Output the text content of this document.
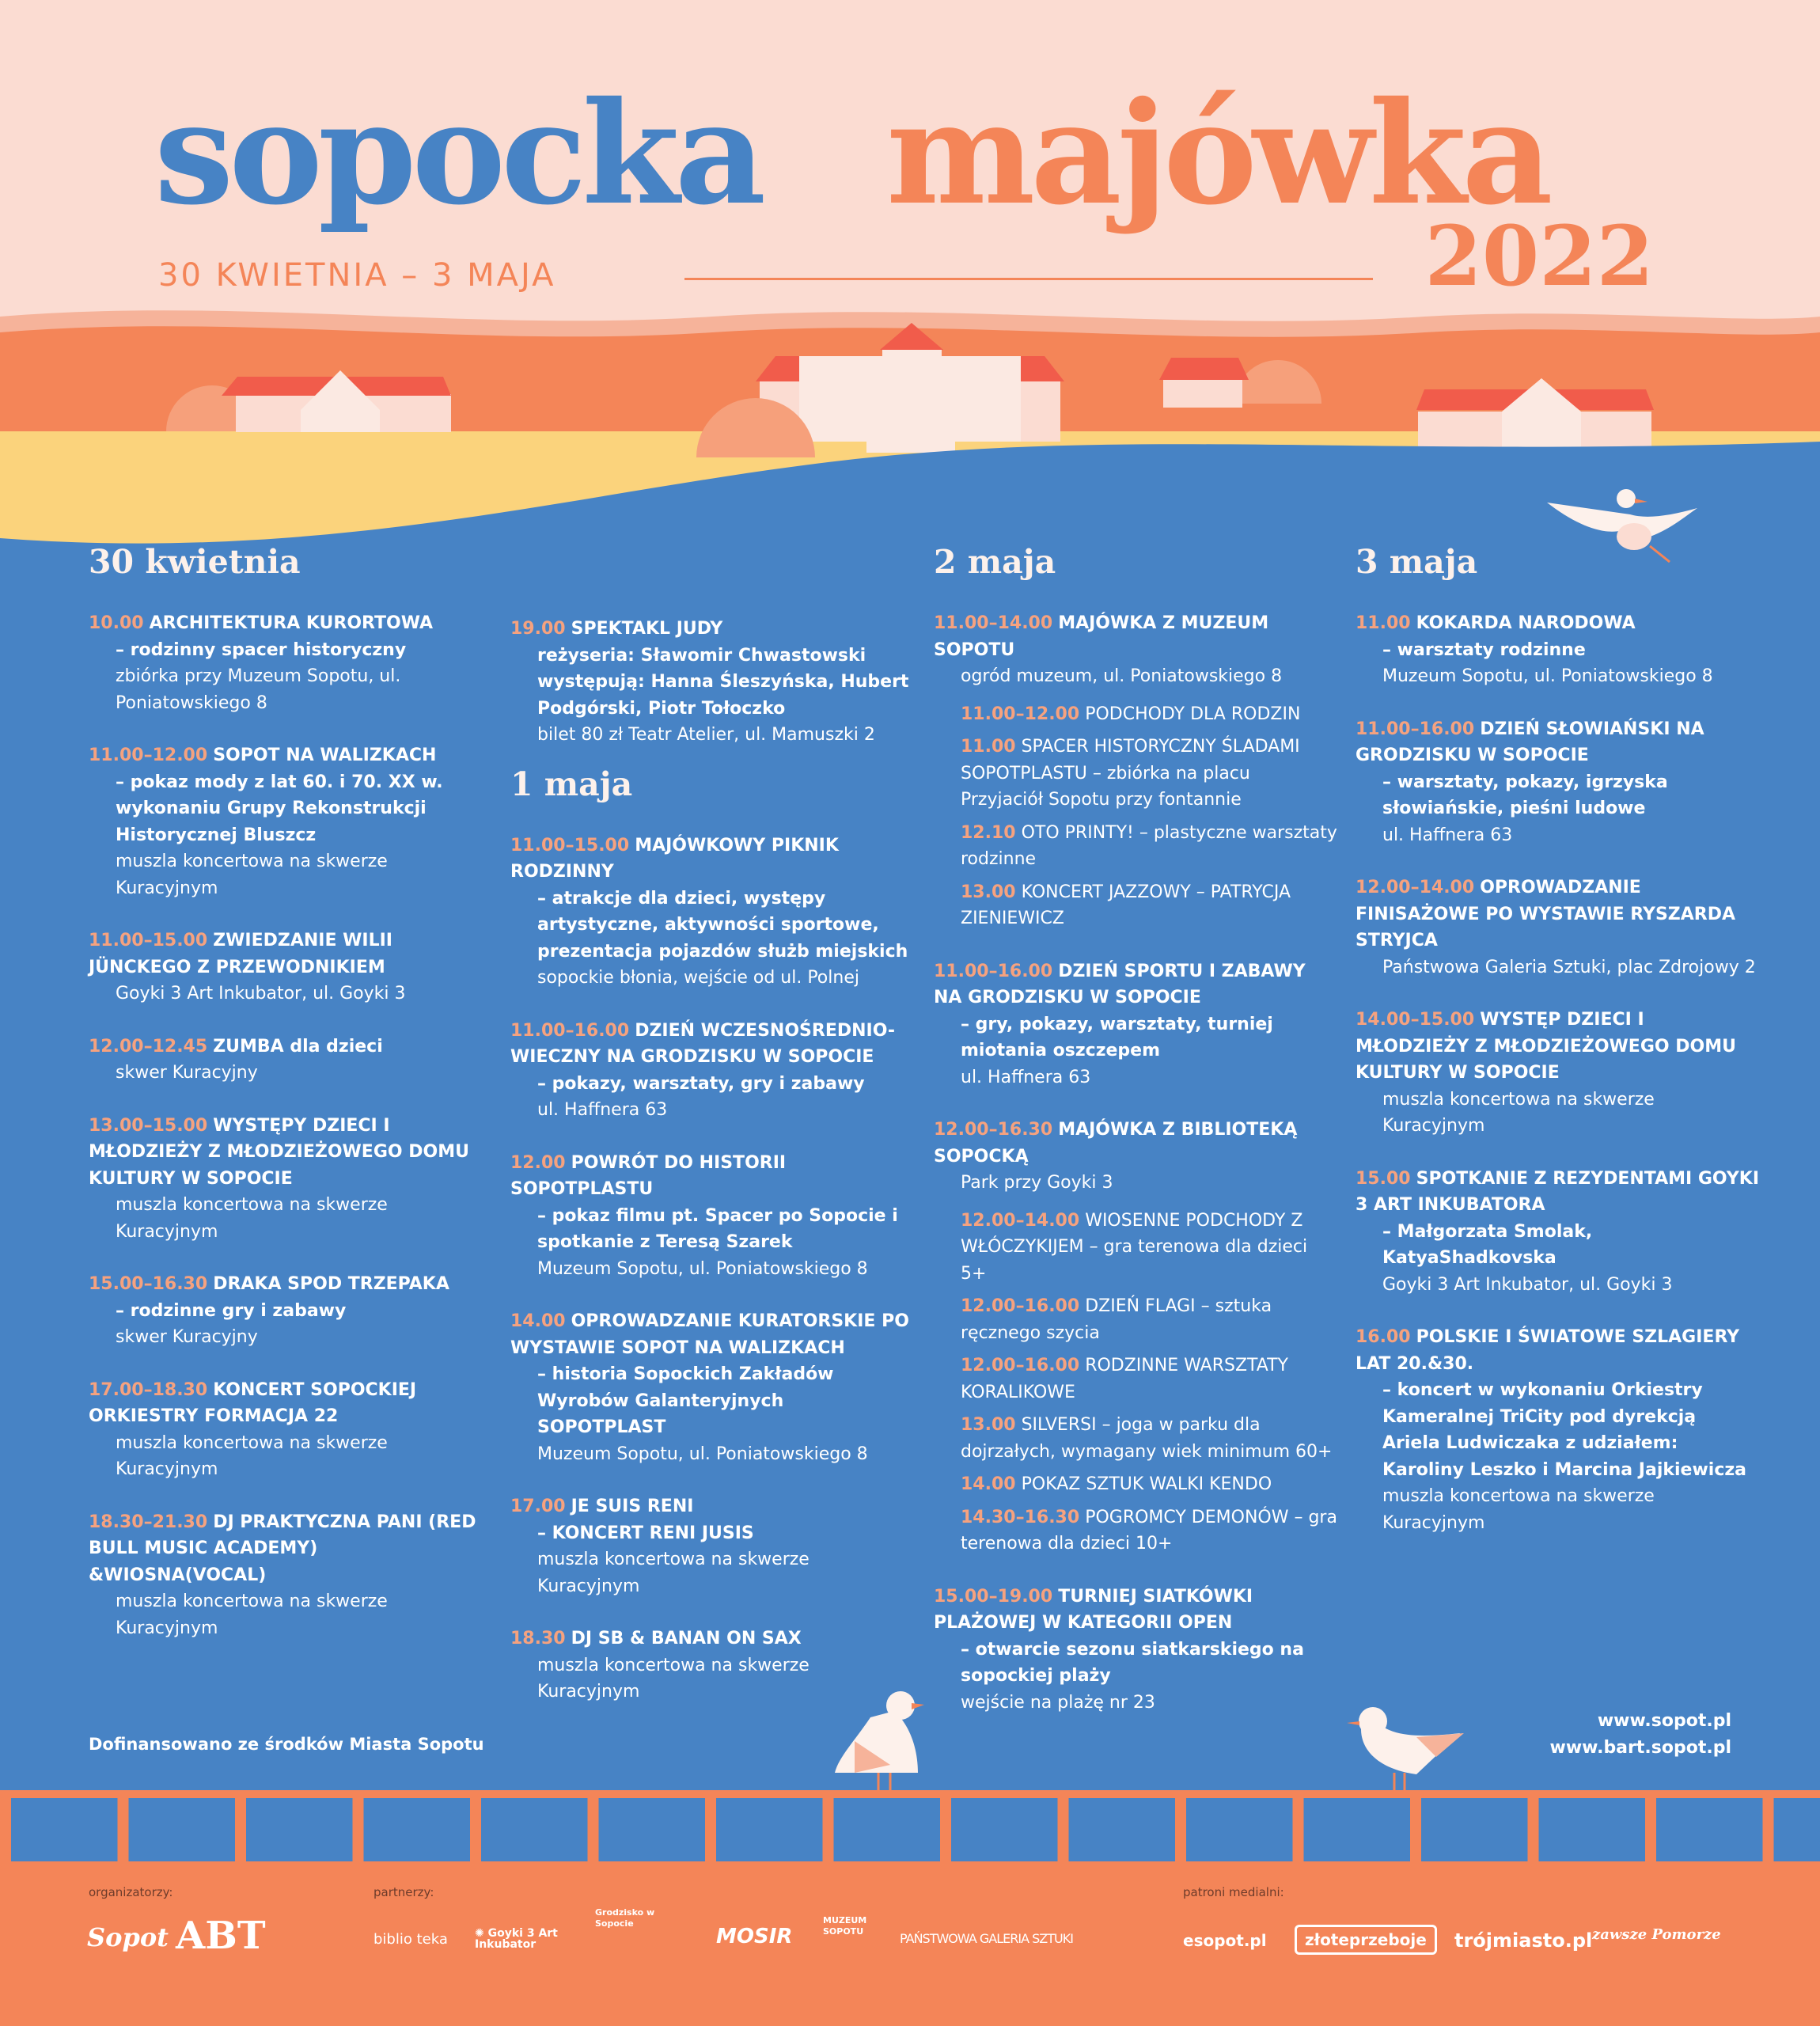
sopocka majówka
2022
30 KWIETNIA – 3 MAJA
30 kwietnia
10.00 ARCHITEKTURA KURORTOWA
– rodzinny spacer historyczny
zbiórka przy Muzeum Sopotu, ul. Poniatowskiego 8
11.00–12.00 SOPOT NA WALIZKACH
– pokaz mody z lat 60. i 70. XX w. wykonaniu Grupy Rekonstrukcji Historycznej Bluszcz
muszla koncertowa na skwerze Kuracyjnym
11.00–15.00 ZWIEDZANIE WILII JÜNCKEGO Z PRZEWODNIKIEM
Goyki 3 Art Inkubator, ul. Goyki 3
12.00–12.45 ZUMBA dla dzieci
skwer Kuracyjny
13.00–15.00 WYSTĘPY DZIECI I MŁODZIEŻY Z MŁODZIEŻOWEGO DOMU KULTURY W SOPOCIE
muszla koncertowa na skwerze Kuracyjnym
15.00–16.30 DRAKA SPOD TRZEPAKA
– rodzinne gry i zabawy
skwer Kuracyjny
17.00–18.30 KONCERT SOPOCKIEJ ORKIESTRY FORMACJA 22
muszla koncertowa na skwerze Kuracyjnym
18.30–21.30 DJ PRAKTYCZNA PANI (RED BULL MUSIC ACADEMY) &WIOSNA(VOCAL)
muszla koncertowa na skwerze Kuracyjnym
19.00 SPEKTAKL JUDY
reżyseria: Sławomir Chwastowski występują: Hanna Śleszyńska, Hubert Podgórski, Piotr Tołoczko
bilet 80 zł Teatr Atelier, ul. Mamuszki 2
1 maja
11.00–15.00 MAJÓWKOWY PIKNIK RODZINNY
– atrakcje dla dzieci, występy artystyczne, aktywności sportowe, prezentacja pojazdów służb miejskich
sopockie błonia, wejście od ul. Polnej
11.00–16.00 DZIEŃ WCZESNOŚREDNIO-WIECZNY NA GRODZISKU W SOPOCIE
– pokazy, warsztaty, gry i zabawy
ul. Haffnera 63
12.00 POWRÓT DO HISTORII SOPOTPLASTU
– pokaz filmu pt. Spacer po Sopocie i spotkanie z Teresą Szarek
Muzeum Sopotu, ul. Poniatowskiego 8
14.00 OPROWADZANIE KURATORSKIE PO WYSTAWIE SOPOT NA WALIZKACH
– historia Sopockich Zakładów Wyrobów Galanteryjnych SOPOTPLAST
Muzeum Sopotu, ul. Poniatowskiego 8
17.00 JE SUIS RENI
– KONCERT RENI JUSIS
muszla koncertowa na skwerze Kuracyjnym
18.30 DJ SB & BANAN ON SAX
muszla koncertowa na skwerze Kuracyjnym
2 maja
11.00–14.00 MAJÓWKA Z MUZEUM SOPOTU
ogród muzeum, ul. Poniatowskiego 8
11.00–12.00 PODCHODY DLA RODZIN
11.00 SPACER HISTORYCZNY ŚLADAMI SOPOTPLASTU – zbiórka na placu Przyjaciół Sopotu przy fontannie
12.10 OTO PRINTY! – plastyczne warsztaty rodzinne
13.00 KONCERT JAZZOWY – PATRYCJA ZIENIEWICZ
11.00–16.00 DZIEŃ SPORTU I ZABAWY NA GRODZISKU W SOPOCIE
– gry, pokazy, warsztaty, turniej miotania oszczepem
ul. Haffnera 63
12.00–16.30 MAJÓWKA Z BIBLIOTEKĄ SOPOCKĄ
Park przy Goyki 3
12.00–14.00 WIOSENNE PODCHODY Z WŁÓCZYKIJEM – gra terenowa dla dzieci 5+
12.00–16.00 DZIEŃ FLAGI – sztuka ręcznego szycia
12.00–16.00 RODZINNE WARSZTATY KORALIKOWE
13.00 SILVERSI – joga w parku dla dojrzałych, wymagany wiek minimum 60+
14.00 POKAZ SZTUK WALKI KENDO
14.30–16.30 POGROMCY DEMONÓW – gra terenowa dla dzieci 10+
15.00–19.00 TURNIEJ SIATKÓWKI PLAŻOWEJ W KATEGORII OPEN
– otwarcie sezonu siatkarskiego na sopockiej plaży
wejście na plażę nr 23
3 maja
11.00 KOKARDA NARODOWA
– warsztaty rodzinne
Muzeum Sopotu, ul. Poniatowskiego 8
11.00–16.00 DZIEŃ SŁOWIAŃSKI NA GRODZISKU W SOPOCIE
– warsztaty, pokazy, igrzyska słowiańskie, pieśni ludowe
ul. Haffnera 63
12.00–14.00 OPROWADZANIE FINISAŻOWE PO WYSTAWIE RYSZARDA STRYJCA
Państwowa Galeria Sztuki, plac Zdrojowy 2
14.00–15.00 WYSTĘP DZIECI I MŁODZIEŻY Z MŁODZIEŻOWEGO DOMU KULTURY W SOPOCIE
muszla koncertowa na skwerze Kuracyjnym
15.00 SPOTKANIE Z REZYDENTAMI GOYKI 3 ART INKUBATORA
– Małgorzata Smolak, KatyaShadkovska
Goyki 3 Art Inkubator, ul. Goyki 3
16.00 POLSKIE I ŚWIATOWE SZLAGIERY LAT 20.&30.
– koncert w wykonaniu Orkiestry Kameralnej TriCity pod dyrekcją Ariela Ludwiczaka z udziałem: Karoliny Leszko i Marcina Jajkiewicza
muszla koncertowa na skwerze Kuracyjnym
Dofinansowano ze środków Miasta Sopotu
www.sopot.pl
www.bart.sopot.pl
organizatorzy:	partnerzy:	patroni medialni:
Sopot ABT	biblio teka ✺ Goyki 3 Art Inkubator
Grodzisko w Sopocie
MOSIR
MUZEUM SOPOTU	PAŃSTWOWA GALERIA SZTUKI	esopot.pl	złoteprzeboje	trójmiasto.pl zawsze Pomorze
